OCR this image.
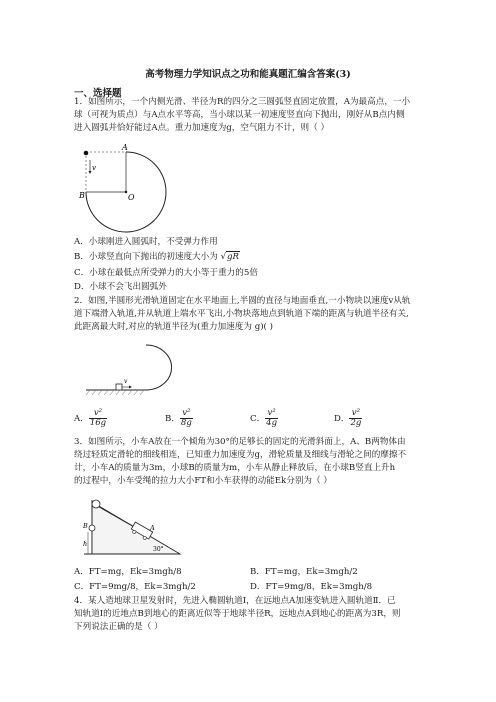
高考物理力学知识点之功和能真题汇编含答案(3)
一、选择题
1．如图所示，一个内侧光滑、半径为R的四分之三圆弧竖直固定放置，A为最高点，一小
球（可视为质点）与A点水平等高，当小球以某一初速度竖直向下抛出，刚好从B点内侧
进入圆弧并恰好能过A点。重力加速度为g，空气阻力不计，则（ ）
v
A
B	O
A．小球刚进入圆弧时，不受弹力作用
B．小球竖直向下抛出的初速度大小为 √gR
C．小球在最低点所受弹力的大小等于重力的5倍
D．小球不会飞出圆弧外
2．如图,半圆形光滑轨道固定在水平地面上,半圆的直径与地面垂直,一小物块以速度v从轨
道下端滑入轨道,并从轨道上端水平飞出,小物块落地点到轨道下端的距离与轨道半径有关,
此距离最大时,对应的轨道半径为(重力加速度为 g)( )
v
A． $\frac{\text{v²}}{16g}$	B． $\frac{\text{v²}}{8g}$	C． $\frac{\text{v²}}{4g}$	D． $\frac{\text{v²}}{2g}$
3．如图所示，小车A放在一个倾角为30°的足够长的固定的光滑斜面上，A、B两物体由
绕过轻质定滑轮的细线相连，已知重力加速度为g，滑轮质量及细线与滑轮之间的摩擦不
计，小车A的质量为3m，小球B的质量为m，小车从静止释放后，在小球B竖直上升h
的过程中，小车受绳的拉力大小FT和小车获得的动能Ek分别为（ ）
B
h
A
30°
A．FT=mg，Ek=3mgh/8	B．FT=mg，Ek=3mgh/2
C．FT=9mg/8，Ek=3mgh/2	D．FT=9mg/8，Ek=3mgh/8
4．某人造地球卫星发射时，先进入椭圆轨道Ⅰ，在远地点A加速变轨进入圆轨道Ⅱ．已
知轨道Ⅰ的近地点B到地心的距离近似等于地球半径R，远地点A到地心的距离为3R，则
下列说法正确的是（ ）
